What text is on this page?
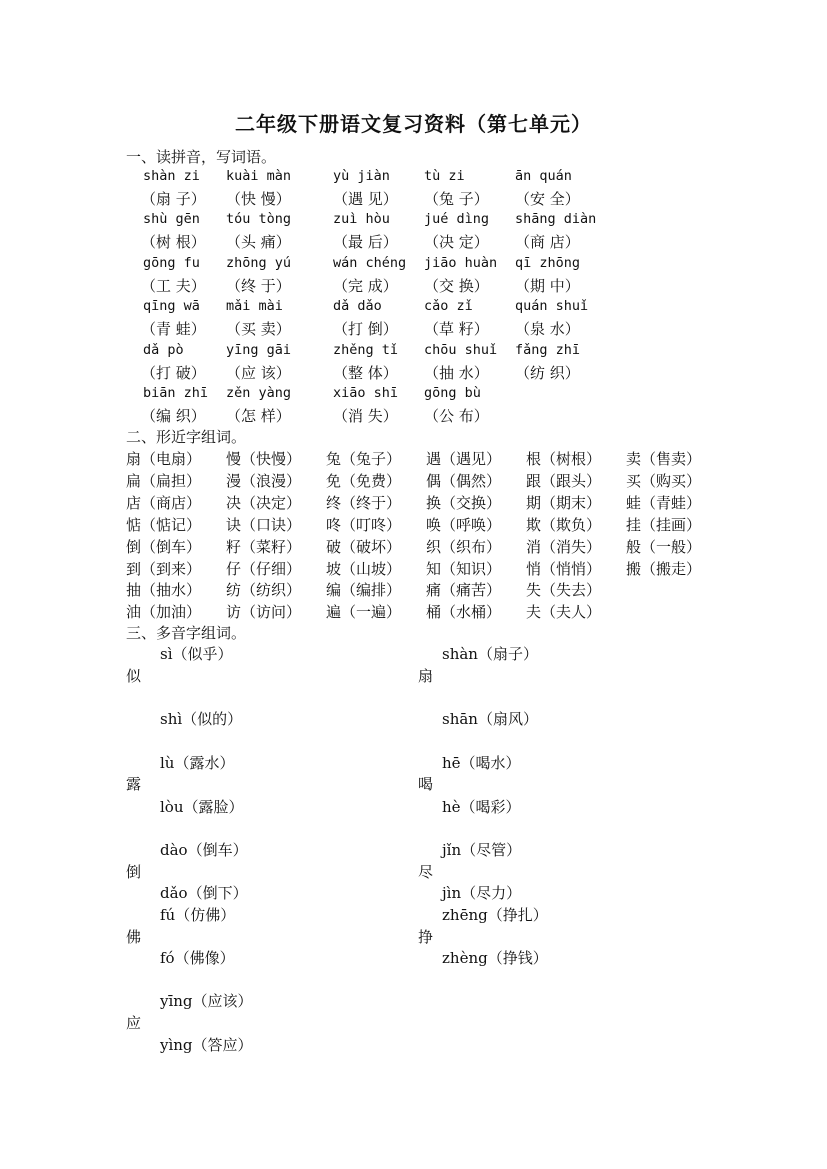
二年级下册语文复习资料（第七单元）
一、读拼音，写词语。
shàn zi
（扇 子）
kuài màn
（快 慢）
yù jiàn
（遇 见）
tù zi
（兔 子）
ān quán
（安 全）
shù gēn
（树 根）
tóu tòng
（头 痛）
zuì hòu
（最 后）
jué dìng
（决 定）
shāng diàn
（商 店）
gōng fu
（工 夫）
zhōng yú
（终 于）
wán chéng
（完 成）
jiāo huàn
（交 换）
qī zhōng
（期 中）
qīng wā
（青 蛙）
mǎi mài
（买 卖）
dǎ dǎo
（打 倒）
cǎo zǐ
（草 籽）
quán shuǐ
（泉 水）
dǎ pò
（打 破）
yīng gāi
（应 该）
zhěng tǐ
（整 体）
chōu shuǐ
（抽 水）
fǎng zhī
（纺 织）
biān zhī
（编 织）
zěn yàng
（怎 样）
xiāo shī
（消 失）
gōng bù
（公 布）
二、形近字组词。
扇（电扇） 慢（快慢） 兔（兔子） 遇（遇见） 根（树根） 卖（售卖）
扁（扁担） 漫（浪漫） 免（免费） 偶（偶然） 跟（跟头） 买（购买）
店（商店） 决（决定） 终（终于） 换（交换） 期（期末） 蛙（青蛙）
惦（惦记） 诀（口诀） 咚（叮咚） 唤（呼唤） 欺（欺负） 挂（挂画）
倒（倒车） 籽（菜籽） 破（破坏） 织（织布） 消（消失） 般（一般）
到（到来） 仔（仔细） 坡（山坡） 知（知识） 悄（悄悄） 搬（搬走）
抽（抽水） 纺（纺织） 编（编排） 痛（痛苦） 失（失去）
油（加油） 访（访问） 遍（一遍） 桶（水桶） 夫（夫人）
三、多音字组词。
sì（似乎）
似
shì（似的）
lù（露水）
露
lòu（露脸）
dào（倒车）
倒
dǎo（倒下）
fú（仿佛）
佛
fó（佛像）
yīng（应该）
应
yìng（答应）
shàn（扇子）
扇
shān（扇风）
hē（喝水）
喝
hè（喝彩）
jǐn（尽管）
尽
jìn（尽力）
zhēng（挣扎）
挣
zhèng（挣钱）
